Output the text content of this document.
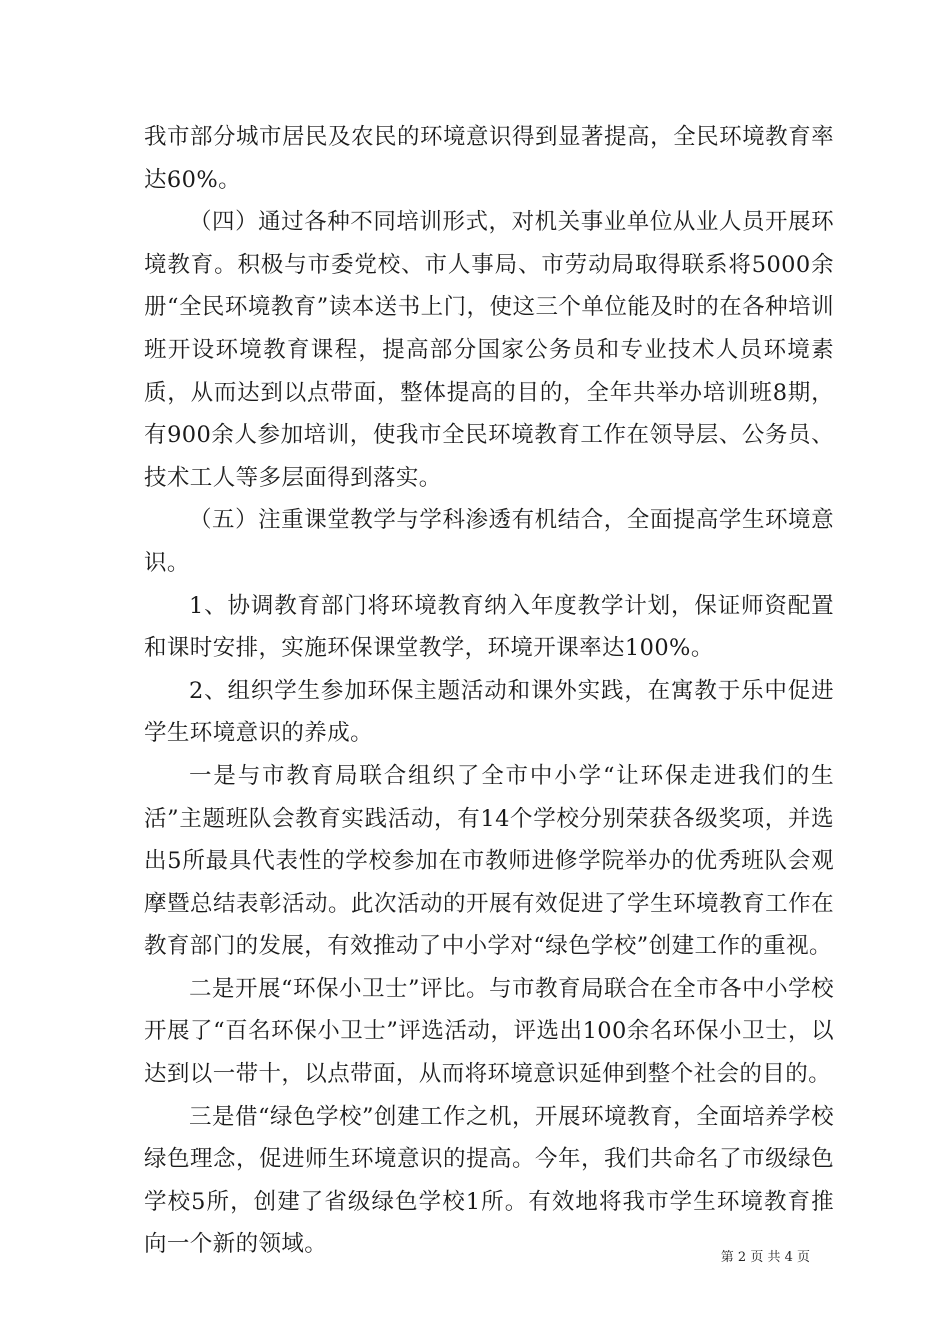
我市部分城市居民及农民的环境意识得到显著提高，全民环境教育率达60%。

（四）通过各种不同培训形式，对机关事业单位从业人员开展环境教育。积极与市委党校、市人事局、市劳动局取得联系将5000余册“全民环境教育”读本送书上门，使这三个单位能及时的在各种培训班开设环境教育课程，提高部分国家公务员和专业技术人员环境素质，从而达到以点带面，整体提高的目的，全年共举办培训班8期，有900余人参加培训，使我市全民环境教育工作在领导层、公务员、技术工人等多层面得到落实。

（五）注重课堂教学与学科渗透有机结合，全面提高学生环境意识。

1、协调教育部门将环境教育纳入年度教学计划，保证师资配置和课时安排，实施环保课堂教学，环境开课率达100%。

2、组织学生参加环保主题活动和课外实践，在寓教于乐中促进学生环境意识的养成。

一是与市教育局联合组织了全市中小学“让环保走进我们的生活”主题班队会教育实践活动，有14个学校分别荣获各级奖项，并选出5所最具代表性的学校参加在市教师进修学院举办的优秀班队会观摩暨总结表彰活动。此次活动的开展有效促进了学生环境教育工作在教育部门的发展，有效推动了中小学对“绿色学校”创建工作的重视。

二是开展“环保小卫士”评比。与市教育局联合在全市各中小学校开展了“百名环保小卫士”评选活动，评选出100余名环保小卫士，以达到以一带十，以点带面，从而将环境意识延伸到整个社会的目的。

三是借“绿色学校”创建工作之机，开展环境教育，全面培养学校绿色理念，促进师生环境意识的提高。今年，我们共命名了市级绿色学校5所，创建了省级绿色学校1所。有效地将我市学生环境教育推向一个新的领域。

第 2 页 共 4 页
